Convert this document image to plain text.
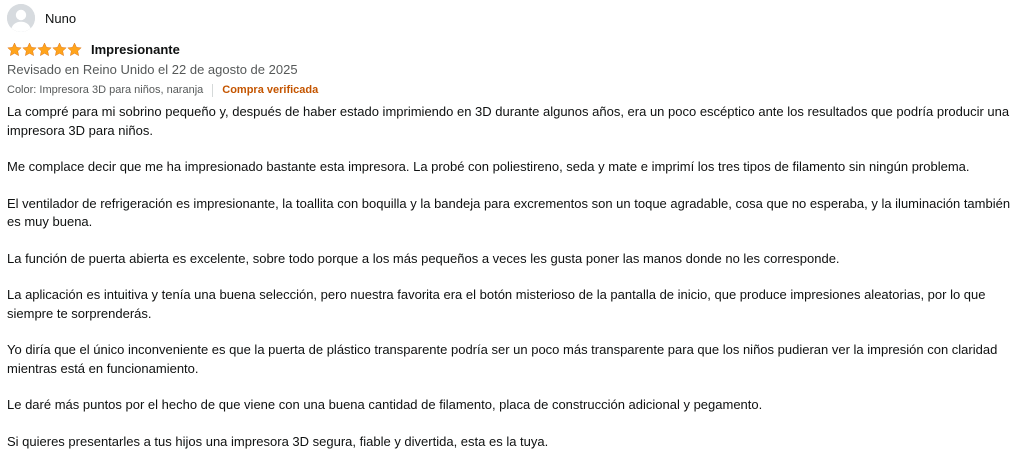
Nuno
Impresionante
Revisado en Reino Unido el 22 de agosto de 2025
Color: Impresora 3D para niños, naranja Compra verificada

La compré para mi sobrino pequeño y, después de haber estado imprimiendo en 3D durante algunos años, era un poco escéptico ante los resultados que podría producir una impresora 3D para niños.

Me complace decir que me ha impresionado bastante esta impresora. La probé con poliestireno, seda y mate e imprimí los tres tipos de filamento sin ningún problema.

El ventilador de refrigeración es impresionante, la toallita con boquilla y la bandeja para excrementos son un toque agradable, cosa que no esperaba, y la iluminación también es muy buena.

La función de puerta abierta es excelente, sobre todo porque a los más pequeños a veces les gusta poner las manos donde no les corresponde.

La aplicación es intuitiva y tenía una buena selección, pero nuestra favorita era el botón misterioso de la pantalla de inicio, que produce impresiones aleatorias, por lo que siempre te sorprenderás.

Yo diría que el único inconveniente es que la puerta de plástico transparente podría ser un poco más transparente para que los niños pudieran ver la impresión con claridad mientras está en funcionamiento.

Le daré más puntos por el hecho de que viene con una buena cantidad de filamento, placa de construcción adicional y pegamento.

Si quieres presentarles a tus hijos una impresora 3D segura, fiable y divertida, esta es la tuya.
